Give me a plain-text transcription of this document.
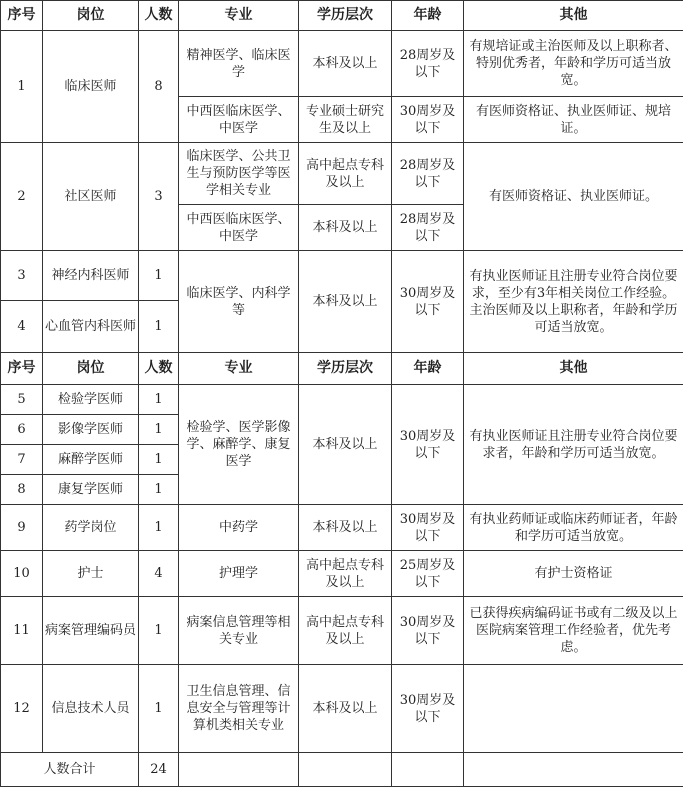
序号	岗位	人数	专业	学历层次	年龄	其他
1	临床医师	8	精神医学、临床医学	本科及以上	28周岁及以下	有规培证或主治医师及以上职称者、特别优秀者，年龄和学历可适当放宽。
			中西医临床医学、中医学	专业硕士研究生及以上	30周岁及以下	有医师资格证、执业医师证、规培证。
2	社区医师	3	临床医学、公共卫生与预防医学等医学相关专业	高中起点专科及以上	28周岁及以下	有医师资格证、执业医师证。
			中西医临床医学、中医学	本科及以上	28周岁及以下	
3	神经内科医师	1	临床医学、内科学等	本科及以上	30周岁及以下	有执业医师证且注册专业符合岗位要求，至少有3年相关岗位工作经验。主治医师及以上职称者，年龄和学历可适当放宽。
4	心血管内科医师	1				
序号	岗位	人数	专业	学历层次	年龄	其他
5	检验学医师	1	检验学、医学影像学、麻醉学、康复医学	本科及以上	30周岁及以下	有执业医师证且注册专业符合岗位要求者，年龄和学历可适当放宽。
6	影像学医师	1				
7	麻醉学医师	1				
8	康复学医师	1				
9	药学岗位	1	中药学	本科及以上	30周岁及以下	有执业药师证或临床药师证者，年龄和学历可适当放宽。
10	护士	4	护理学	高中起点专科及以上	25周岁及以下	有护士资格证
11	病案管理编码员	1	病案信息管理等相关专业	高中起点专科及以上	30周岁及以下	已获得疾病编码证书或有二级及以上医院病案管理工作经验者，优先考虑。
12	信息技术人员	1	卫生信息管理、信息安全与管理等计算机类相关专业	本科及以上	30周岁及以下	
人数合计		24				
